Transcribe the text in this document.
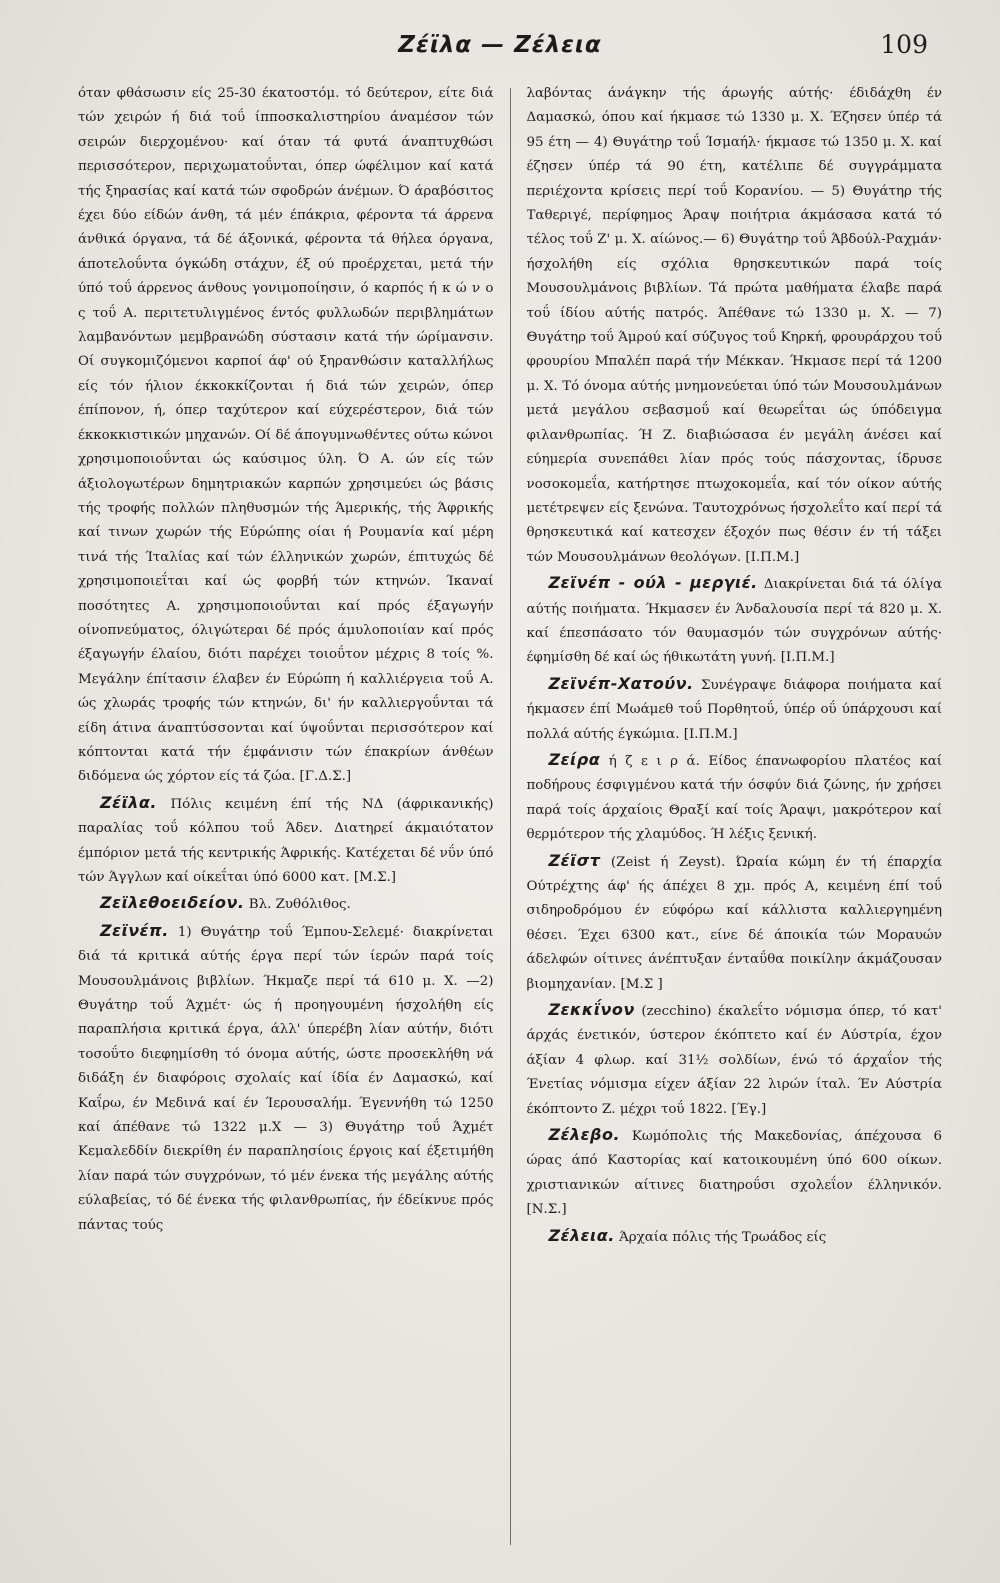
Ζέϊλα — Ζέλεια	109

όταν φθάσωσιν είς 25-30 έκατοστόμ. τό δεύτερον, είτε διά τών χειρών ή διά τοΰ ίπποσκαλιστηρίου άναμέσον τών σειρών διερχομένου· καί όταν τά φυτά άναπτυχθώσι περισσότερον, περιχωματοΰνται, όπερ ώφέλιμον καί κατά τής ξηρασίας καί κατά τών σφοδρών άνέμων. Ό άραβόσιτος έχει δύο είδών άνθη, τά μέν έπάκρια, φέροντα τά άρρενα άνθικά όργανα, τά δέ άξονικά, φέροντα τά θήλεα όργανα, άποτελοΰντα όγκώδη στάχυν, έξ ού προέρχεται, μετά τήν ύπό τοΰ άρρενος άνθους γονιμοποίησιν, ό καρπός ή κ ώ ν ο ς τοΰ Α. περιτετυλιγμένος έντός φυλλωδών περιβλημάτων λαμβανόντων μεμβρανώδη σύστασιν κατά τήν ώρίμανσιν. Οί συγκομιζόμενοι καρποί άφ' ού ξηρανθώσιν καταλλήλως είς τόν ήλιον έκκοκκίζονται ή διά τών χειρών, όπερ έπίπονον, ή, όπερ ταχύτερον καί εύχερέστερον, διά τών έκκοκκιστικών μηχανών. Οί δέ άπογυμνωθέντες ούτω κώνοι χρησιμοποιοΰνται ώς καύσιμος ύλη. Ό Α. ών είς τών άξιολογωτέρων δημητριακών καρπών χρησιμεύει ώς βάσις τής τροφής πολλών πληθυσμών τής Άμερικής, τής Άφρικής καί τινων χωρών τής Εύρώπης οίαι ή Ρουμανία καί μέρη τινά τής Ίταλίας καί τών έλληνικών χωρών, έπιτυχώς δέ χρησιμοποιεΐται καί ώς φορβή τών κτηνών. Ίκαναί ποσότητες Α. χρησιμοποιοΰνται καί πρός έξαγωγήν οίνοπνεύματος, όλιγώτεραι δέ πρός άμυλοποιίαν καί πρός έξαγωγήν έλαίου, διότι παρέχει τοιοΰτον μέχρις 8 τοίς %. Μεγάλην έπίτασιν έλαβεν έν Εύρώπη ή καλλιέργεια τοΰ Α. ώς χλωράς τροφής τών κτηνών, δι' ήν καλλιεργοΰνται τά είδη άτινα άναπτύσσονται καί ύψοΰνται περισσότερον καί κόπτονται κατά τήν έμφάνισιν τών έπακρίων άνθέων διδόμενα ώς χόρτον είς τά ζώα. [Γ.Δ.Σ.]

Ζέϊλα. Πόλις κειμένη έπί τής ΝΔ (άφρικανικής) παραλίας τοΰ κόλπου τοΰ Άδεν. Διατηρεί άκμαιότατον έμπόριον μετά τής κεντρικής Άφρικής. Κατέχεται δέ νΰν ύπό τών Άγγλων καί οίκεΐται ύπό 6000 κατ. [Μ.Σ.]

Ζεϊλεθοειδείον. Βλ. Ζυθόλιθος.

Ζεϊνέπ. 1) Θυγάτηρ τοΰ Έμπου-Σελεμέ· διακρίνεται διά τά κριτικά αύτής έργα περί τών ίερών παρά τοίς Μουσουλμάνοις βιβλίων. Ήκμαζε περί τά 610 μ. Χ. —2) Θυγάτηρ τοΰ Άχμέτ· ώς ή προηγουμένη ήσχολήθη είς παραπλήσια κριτικά έργα, άλλ' ύπερέβη λίαν αύτήν, διότι τοσοΰτο διεφημίσθη τό όνομα αύτής, ώστε προσεκλήθη νά διδάξη έν διαφόροις σχολαίς καί ίδία έν Δαμασκώ, καί Καΐρω, έν Μεδινά καί έν Ίερουσαλήμ. Έγεννήθη τώ 1250 καί άπέθανε τώ 1322 μ.Χ — 3) Θυγάτηρ τοΰ Άχμέτ Κεμαλεδδίν διεκρίθη έν παραπλησίοις έργοις καί έξετιμήθη λίαν παρά τών συγχρόνων, τό μέν ένεκα τής μεγάλης αύτής εύλαβείας, τό δέ ένεκα τής φιλανθρωπίας, ήν έδείκνυε πρός πάντας τούς

λαβόντας άνάγκην τής άρωγής αύτής· έδιδάχθη έν Δαμασκώ, όπου καί ήκμασε τώ 1330 μ. Χ. Έζησεν ύπέρ τά 95 έτη — 4) Θυγάτηρ τοΰ Ίσμαήλ· ήκμασε τώ 1350 μ. Χ. καί έζησεν ύπέρ τά 90 έτη, κατέλιπε δέ συγγράμματα περιέχοντα κρίσεις περί τοΰ Κορανίου. — 5) Θυγάτηρ τής Ταθεριγέ, περίφημος Άραψ ποιήτρια άκμάσασα κατά τό τέλος τοΰ Ζ' μ. Χ. αίώνος.— 6) Θυγάτηρ τοΰ Άβδούλ-Ραχμάν· ήσχολήθη είς σχόλια θρησκευτικών παρά τοίς Μουσουλμάνοις βιβλίων. Τά πρώτα μαθήματα έλαβε παρά τοΰ ίδίου αύτής πατρός. Άπέθανε τώ 1330 μ. Χ. — 7) Θυγάτηρ τοΰ Άμρού καί σύζυγος τοΰ Κηρκή, φρουράρχου τοΰ φρουρίου Μπαλέπ παρά τήν Μέκκαν. Ήκμασε περί τά 1200 μ. Χ. Τό όνομα αύτής μνημονεύεται ύπό τών Μουσουλμάνων μετά μεγάλου σεβασμοΰ καί θεωρεΐται ώς ύπόδειγμα φιλανθρωπίας. Ή Ζ. διαβιώσασα έν μεγάλη άνέσει καί εύημερία συνεπάθει λίαν πρός τούς πάσχοντας, ίδρυσε νοσοκομεΐα, κατήρτησε πτωχοκομεΐα, καί τόν οίκον αύτής μετέτρεψεν είς ξενώνα. Ταυτοχρόνως ήσχολεΐτο καί περί τά θρησκευτικά καί κατεσχεν έξοχόν πως θέσιν έν τή τάξει τών Μουσουλμάνων θεολόγων. [Ι.Π.Μ.]

Ζεϊνέπ - ούλ - μεργιέ. Διακρίνεται διά τά όλίγα αύτής ποιήματα. Ήκμασεν έν Άνδαλουσία περί τά 820 μ. Χ. καί έπεσπάσατο τόν θαυμασμόν τών συγχρόνων αύτής· έφημίσθη δέ καί ώς ήθικωτάτη γυνή. [Ι.Π.Μ.]

Ζεϊνέπ-Χατούν. Συνέγραψε διάφορα ποιήματα καί ήκμασεν έπί Μωάμεθ τοΰ Πορθητοΰ, ύπέρ οΰ ύπάρχουσι καί πολλά αύτής έγκώμια. [Ι.Π.Μ.]

Ζείρα ή ζ ε ι ρ ά. Είδος έπανωφορίου πλατέος καί ποδήρους έσφιγμένου κατά τήν όσφύν διά ζώνης, ήν χρήσει παρά τοίς άρχαίοις Θραξί καί τοίς Άραψι, μακρότερον καί θερμότερον τής χλαμύδος. Ή λέξις ξενική.

Ζέϊστ (Zeist ή Zeyst). Ώραία κώμη έν τή έπαρχία Ούτρέχτης άφ' ής άπέχει 8 χμ. πρός Α, κειμένη έπί τοΰ σιδηροδρόμου έν εύφόρω καί κάλλιστα καλλιεργημένη θέσει. Έχει 6300 κατ., είνε δέ άποικία τών Μοραυών άδελφών οίτινες άνέπτυξαν ένταΰθα ποικίλην άκμάζουσαν βιομηχανίαν. [Μ.Σ ]

Ζεκκΐνον (zecchino) έκαλεΐτο νόμισμα όπερ, τό κατ' άρχάς ένετικόν, ύστερον έκόπτετο καί έν Αύστρία, έχον άξίαν 4 φλωρ. καί 31½ σολδίων, ένώ τό άρχαΐον τής Ένετίας νόμισμα είχεν άξίαν 22 λιρών ίταλ. Έν Αύστρία έκόπτοντο Ζ. μέχρι τοΰ 1822. [Έγ.]

Ζέλεβο. Κωμόπολις τής Μακεδονίας, άπέχουσα 6 ώρας άπό Καστορίας καί κατοικουμένη ύπό 600 οίκων. χριστιανικών αίτινες διατηροΰσι σχολεΐον έλληνικόν. [Ν.Σ.]

Ζέλεια. Άρχαία πόλις τής Τρωάδος είς
